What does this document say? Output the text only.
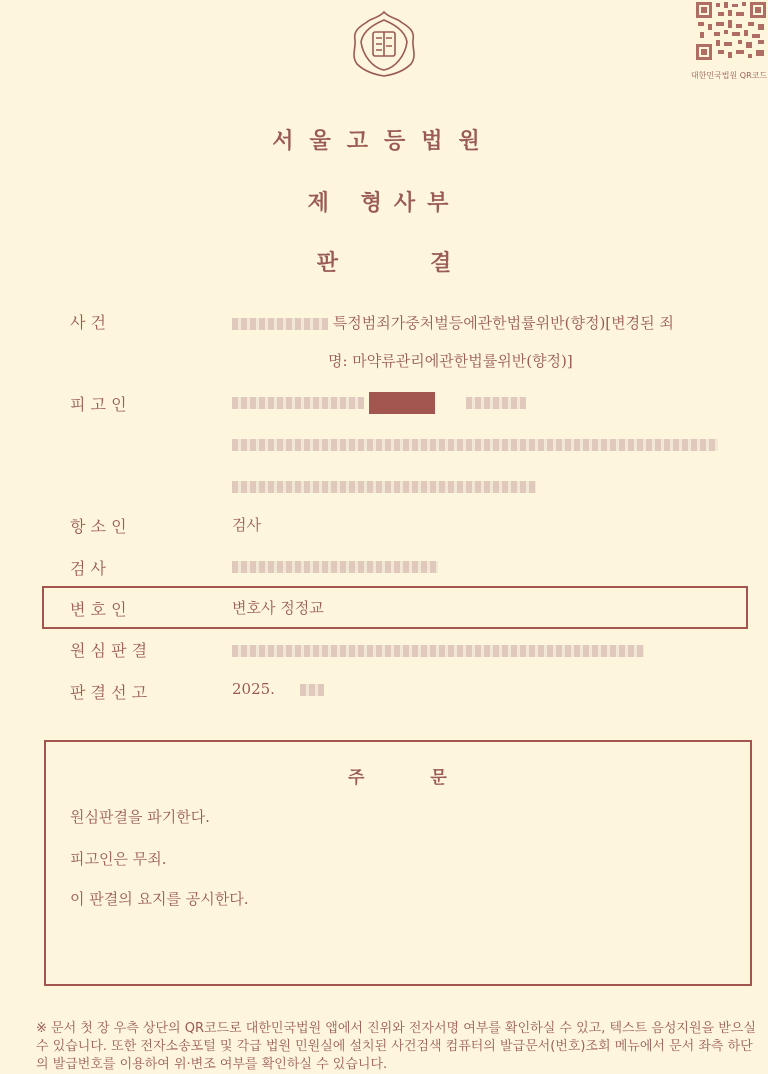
대한민국법원 QR코드
서울고등법원
제 형사부
판결
사 건	특정범죄가중처벌등에관한법률위반(향정)[변경된 죄
명: 마약류관리에관한법률위반(향정)]
피 고 인

항 소 인	검사
검 사
변 호 인	변호사 정정교
원 심 판 결
판 결 선 고	2025.
주문
원심판결을 파기한다.
피고인은 무죄.
이 판결의 요지를 공시한다.
※ 문서 첫 장 우측 상단의 QR코드로 대한민국법원 앱에서 진위와 전자서명 여부를 확인하실 수 있고, 텍스트 음성지원을 받으실 수 있습니다. 또한 전자소송포털 및 각급 법원 민원실에 설치된 사건검색 컴퓨터의 발급문서(번호)조회 메뉴에서 문서 좌측 하단의 발급번호를 이용하여 위·변조 여부를 확인하실 수 있습니다.
